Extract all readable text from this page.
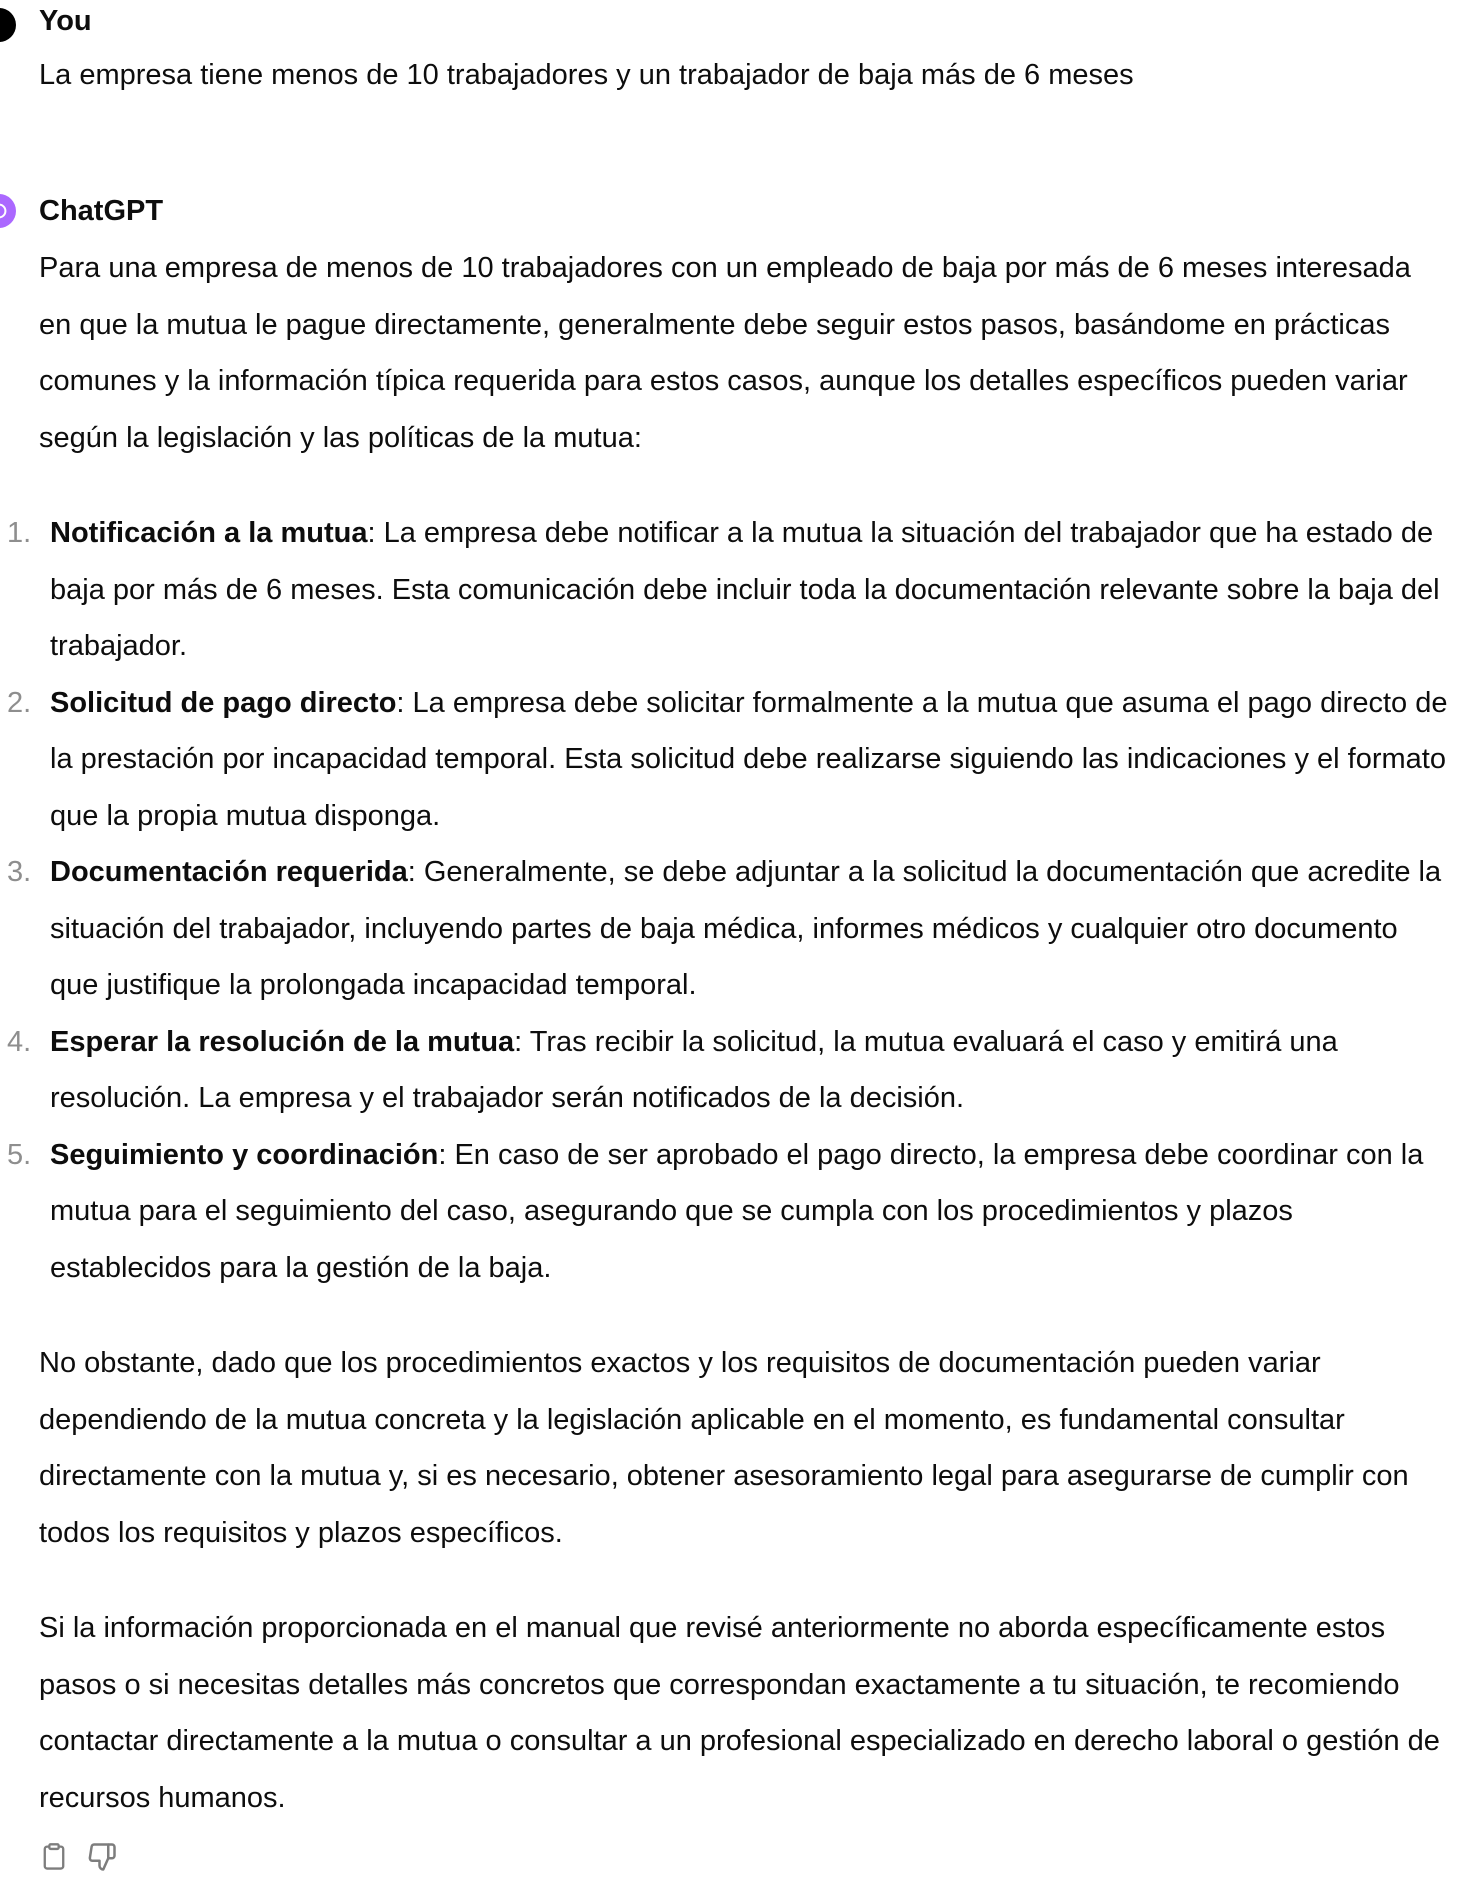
You
La empresa tiene menos de 10 trabajadores y un trabajador de baja más de 6 meses
ChatGPT

Para una empresa de menos de 10 trabajadores con un empleado de baja por más de 6 meses interesada en que la mutua le pague directamente, generalmente debe seguir estos pasos, basándome en prácticas comunes y la información típica requerida para estos casos, aunque los detalles específicos pueden variar según la legislación y las políticas de la mutua:

1. Notificación a la mutua: La empresa debe notificar a la mutua la situación del trabajador que ha estado de baja por más de 6 meses. Esta comunicación debe incluir toda la documentación relevante sobre la baja del trabajador.
2. Solicitud de pago directo: La empresa debe solicitar formalmente a la mutua que asuma el pago directo de la prestación por incapacidad temporal. Esta solicitud debe realizarse siguiendo las indicaciones y el formato que la propia mutua disponga.
3. Documentación requerida: Generalmente, se debe adjuntar a la solicitud la documentación que acredite la situación del trabajador, incluyendo partes de baja médica, informes médicos y cualquier otro documento que justifique la prolongada incapacidad temporal.
4. Esperar la resolución de la mutua: Tras recibir la solicitud, la mutua evaluará el caso y emitirá una resolución. La empresa y el trabajador serán notificados de la decisión.
5. Seguimiento y coordinación: En caso de ser aprobado el pago directo, la empresa debe coordinar con la mutua para el seguimiento del caso, asegurando que se cumpla con los procedimientos y plazos establecidos para la gestión de la baja.

No obstante, dado que los procedimientos exactos y los requisitos de documentación pueden variar dependiendo de la mutua concreta y la legislación aplicable en el momento, es fundamental consultar directamente con la mutua y, si es necesario, obtener asesoramiento legal para asegurarse de cumplir con todos los requisitos y plazos específicos.

Si la información proporcionada en el manual que revisé anteriormente no aborda específicamente estos pasos o si necesitas detalles más concretos que correspondan exactamente a tu situación, te recomiendo contactar directamente a la mutua o consultar a un profesional especializado en derecho laboral o gestión de recursos humanos.
